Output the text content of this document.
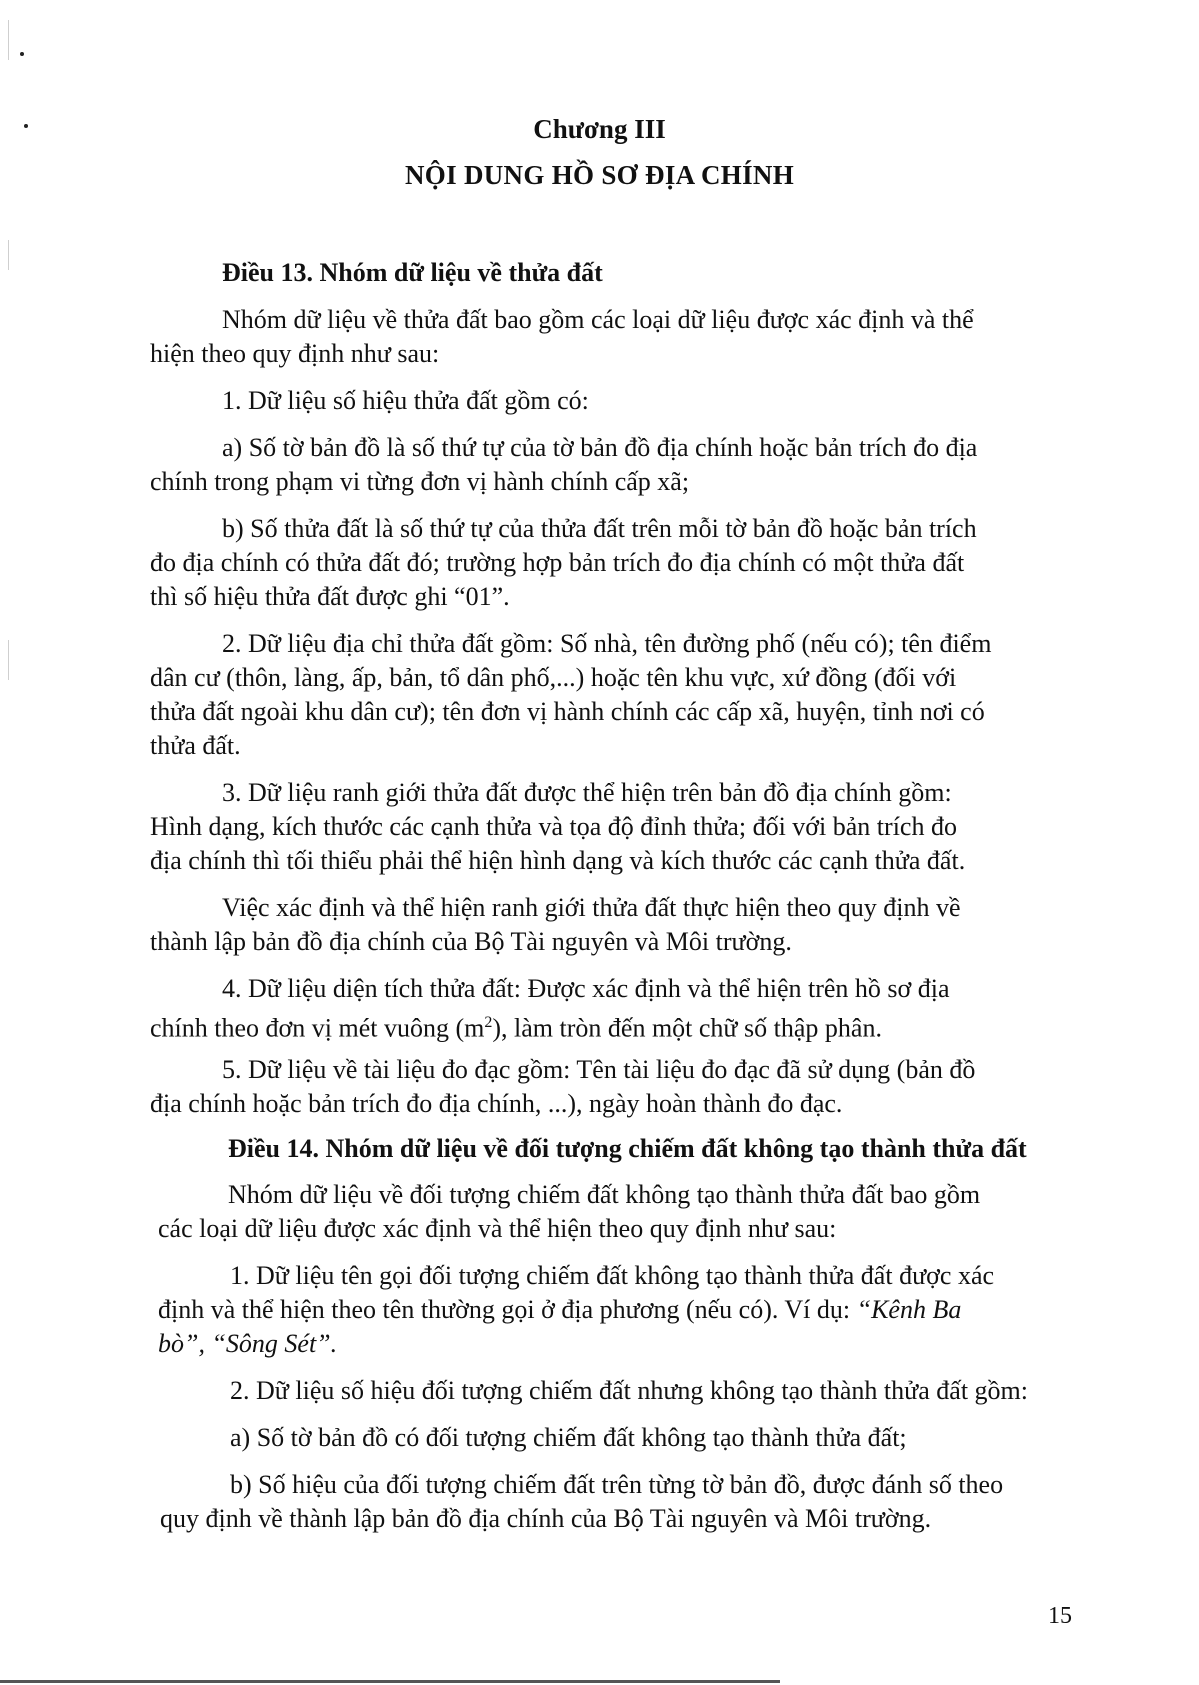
Chương III
NỘI DUNG HỒ SƠ ĐỊA CHÍNH
Điều 13. Nhóm dữ liệu về thửa đất
Nhóm dữ liệu về thửa đất bao gồm các loại dữ liệu được xác định và thể
hiện theo quy định như sau:
1. Dữ liệu số hiệu thửa đất gồm có:
a) Số tờ bản đồ là số thứ tự của tờ bản đồ địa chính hoặc bản trích đo địa
chính trong phạm vi từng đơn vị hành chính cấp xã;
b) Số thửa đất là số thứ tự của thửa đất trên mỗi tờ bản đồ hoặc bản trích
đo địa chính có thửa đất đó; trường hợp bản trích đo địa chính có một thửa đất
thì số hiệu thửa đất được ghi “01”.
2. Dữ liệu địa chỉ thửa đất gồm: Số nhà, tên đường phố (nếu có); tên điểm
dân cư (thôn, làng, ấp, bản, tổ dân phố,...) hoặc tên khu vực, xứ đồng (đối với
thửa đất ngoài khu dân cư); tên đơn vị hành chính các cấp xã, huyện, tỉnh nơi có
thửa đất.
3. Dữ liệu ranh giới thửa đất được thể hiện trên bản đồ địa chính gồm:
Hình dạng, kích thước các cạnh thửa và tọa độ đỉnh thửa; đối với bản trích đo
địa chính thì tối thiểu phải thể hiện hình dạng và kích thước các cạnh thửa đất.
Việc xác định và thể hiện ranh giới thửa đất thực hiện theo quy định về
thành lập bản đồ địa chính của Bộ Tài nguyên và Môi trường.
4. Dữ liệu diện tích thửa đất: Được xác định và thể hiện trên hồ sơ địa
chính theo đơn vị mét vuông $(m^2)$, làm tròn đến một chữ số thập phân.
5. Dữ liệu về tài liệu đo đạc gồm: Tên tài liệu đo đạc đã sử dụng (bản đồ
địa chính hoặc bản trích đo địa chính, ...), ngày hoàn thành đo đạc.
Điều 14. Nhóm dữ liệu về đối tượng chiếm đất không tạo thành thửa đất
Nhóm dữ liệu về đối tượng chiếm đất không tạo thành thửa đất bao gồm
các loại dữ liệu được xác định và thể hiện theo quy định như sau:
1. Dữ liệu tên gọi đối tượng chiếm đất không tạo thành thửa đất được xác
định và thể hiện theo tên thường gọi ở địa phương (nếu có). Ví dụ: “Kênh Ba
bò”, “Sông Sét”.
2. Dữ liệu số hiệu đối tượng chiếm đất nhưng không tạo thành thửa đất gồm:
a) Số tờ bản đồ có đối tượng chiếm đất không tạo thành thửa đất;
b) Số hiệu của đối tượng chiếm đất trên từng tờ bản đồ, được đánh số theo
quy định về thành lập bản đồ địa chính của Bộ Tài nguyên và Môi trường.
15
